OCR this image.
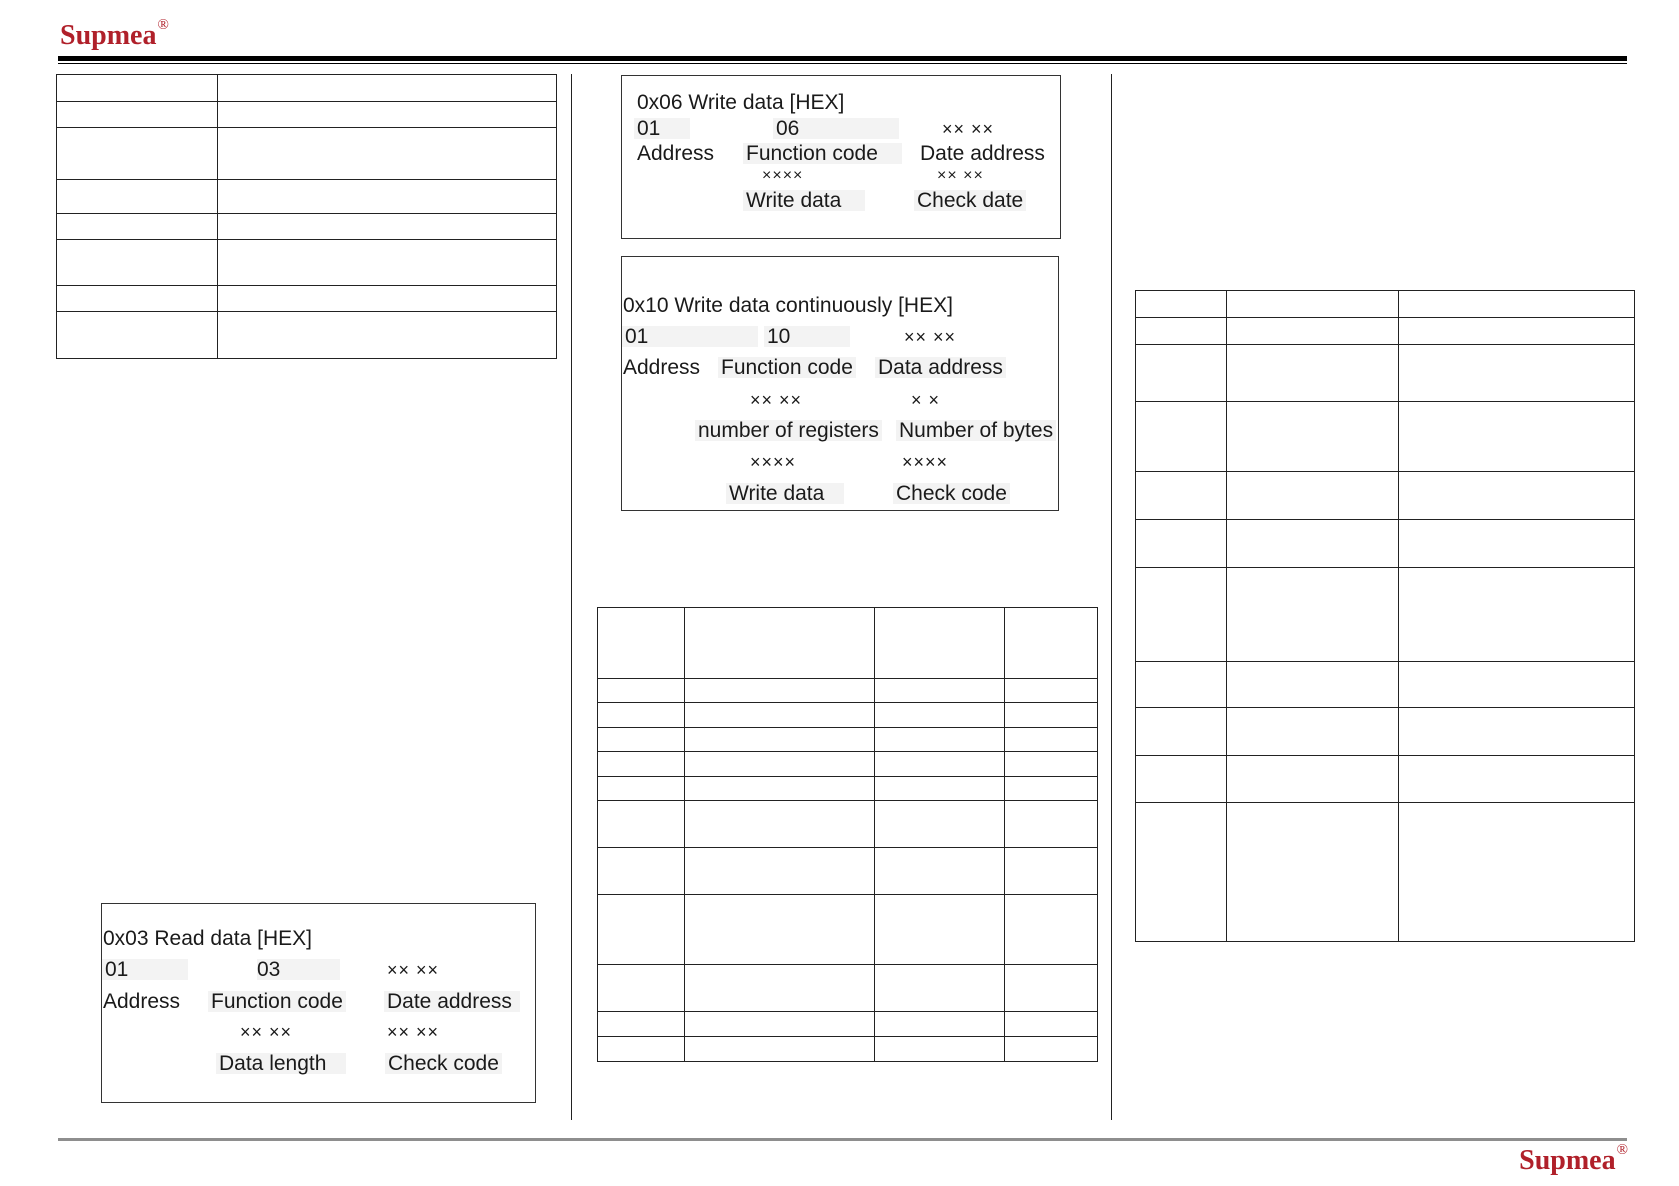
Supmea®

0x03 Read data [HEX]
01	03	×× ××
Address Function code Date address
×× ××	×× ××
Data length	Check code
0x06 Write data [HEX]
01	06	×× ××
Address Function code	Date address
××××	×× ××
Write data	Check date
0x10 Write data continuously [HEX]
01	10	×× ××
Address Function code Data address
×× ××	× ×
number of registers Number of bytes
××××	××××
Write data	Check code

Supmea®
